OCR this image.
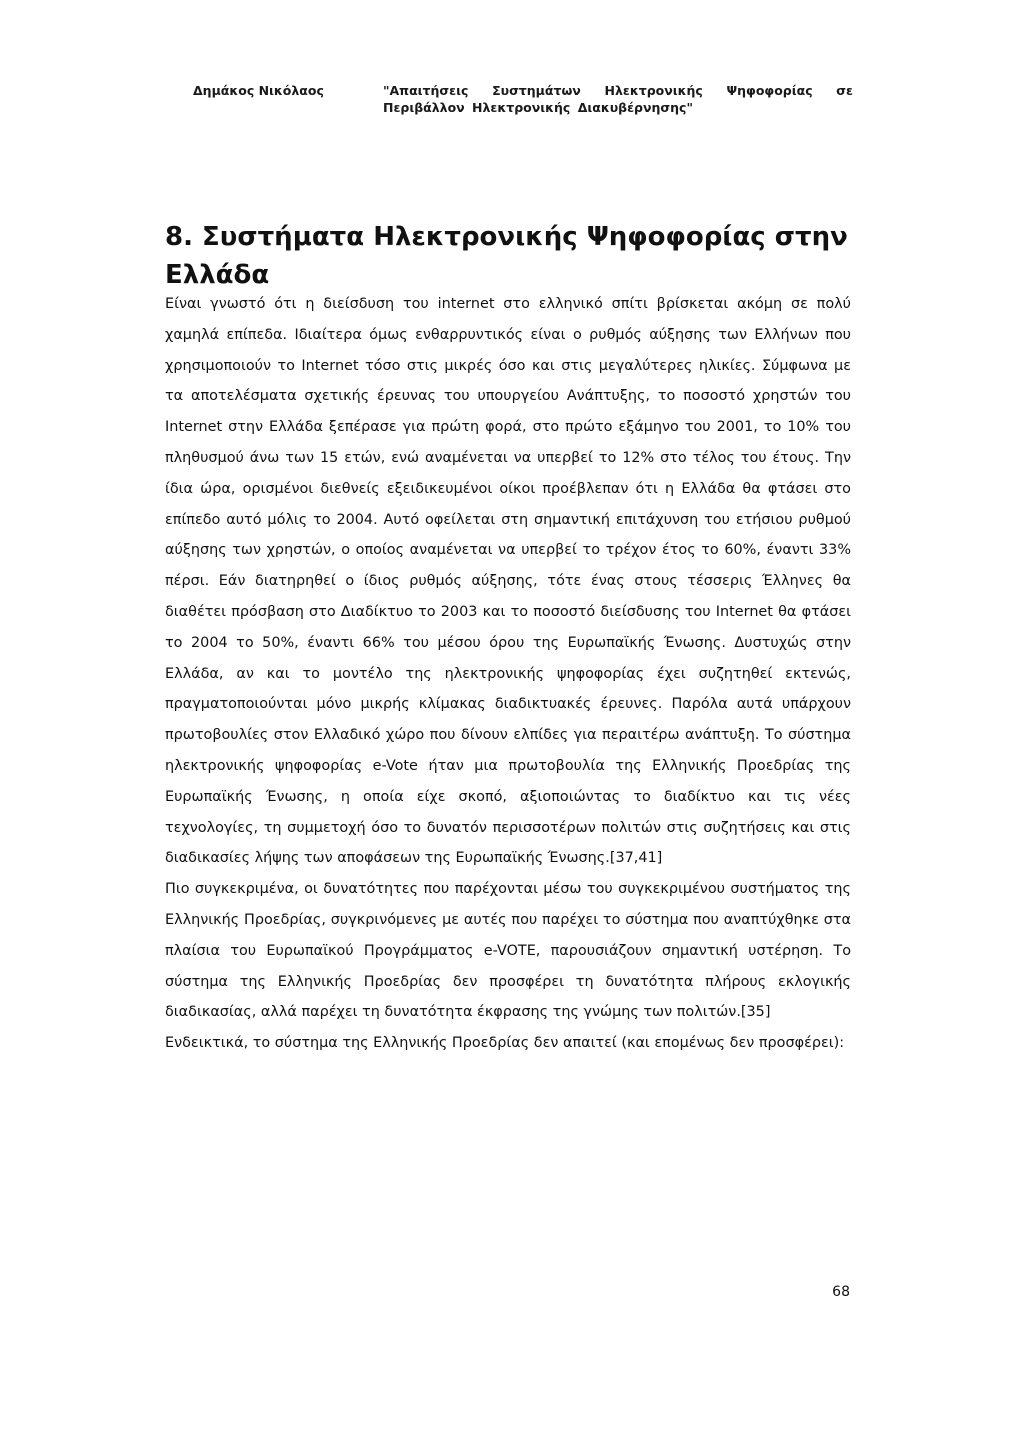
Δημάκος Νικόλαος	"Απαιτήσεις Συστημάτων Ηλεκτρονικής Ψηφοφορίας σε Περιβάλλον Ηλεκτρονικής Διακυβέρνησης"
8. Συστήματα Ηλεκτρονικής Ψηφοφορίας στην Ελλάδα

Είναι γνωστό ότι η διείσδυση του internet στο ελληνικό σπίτι βρίσκεται ακόμη σε πολύ χαμηλά επίπεδα. Ιδιαίτερα όμως ενθαρρυντικός είναι ο ρυθμός αύξησης των Ελλήνων που χρησιμοποιούν το Internet τόσο στις μικρές όσο και στις μεγαλύτερες ηλικίες. Σύμφωνα με τα αποτελέσματα σχετικής έρευνας του υπουργείου Ανάπτυξης, το ποσοστό χρηστών του Internet στην Ελλάδα ξεπέρασε για πρώτη φορά, στο πρώτο εξάμηνο του 2001, το 10% του πληθυσμού άνω των 15 ετών, ενώ αναμένεται να υπερβεί το 12% στο τέλος του έτους. Την ίδια ώρα, ορισμένοι διεθνείς εξειδικευμένοι οίκοι προέβλεπαν ότι η Ελλάδα θα φτάσει στο επίπεδο αυτό μόλις το 2004. Αυτό οφείλεται στη σημαντική επιτάχυνση του ετήσιου ρυθμού αύξησης των χρηστών, ο οποίος αναμένεται να υπερβεί το τρέχον έτος το 60%, έναντι 33% πέρσι. Εάν διατηρηθεί ο ίδιος ρυθμός αύξησης, τότε ένας στους τέσσερις Έλληνες θα διαθέτει πρόσβαση στο Διαδίκτυο το 2003 και το ποσοστό διείσδυσης του Internet θα φτάσει το 2004 το 50%, έναντι 66% του μέσου όρου της Ευρωπαϊκής Ένωσης. Δυστυχώς στην Ελλάδα, αν και το μοντέλο της ηλεκτρονικής ψηφοφορίας έχει συζητηθεί εκτενώς, πραγματοποιούνται μόνο μικρής κλίμακας διαδικτυακές έρευνες. Παρόλα αυτά υπάρχουν πρωτοβουλίες στον Ελλαδικό χώρο που δίνουν ελπίδες για περαιτέρω ανάπτυξη. Το σύστημα ηλεκτρονικής ψηφοφορίας e-Vote ήταν μια πρωτοβουλία της Ελληνικής Προεδρίας της Ευρωπαϊκής Ένωσης, η οποία είχε σκοπό, αξιοποιώντας το διαδίκτυο και τις νέες τεχνολογίες, τη συμμετοχή όσο το δυνατόν περισσοτέρων πολιτών στις συζητήσεις και στις διαδικασίες λήψης των αποφάσεων της Ευρωπαϊκής Ένωσης.[37,41]

Πιο συγκεκριμένα, οι δυνατότητες που παρέχονται μέσω του συγκεκριμένου συστήματος της Ελληνικής Προεδρίας, συγκρινόμενες με αυτές που παρέχει το σύστημα που αναπτύχθηκε στα πλαίσια του Ευρωπαϊκού Προγράμματος e-VOTE, παρουσιάζουν σημαντική υστέρηση. Το σύστημα της Ελληνικής Προεδρίας δεν προσφέρει τη δυνατότητα πλήρους εκλογικής διαδικασίας, αλλά παρέχει τη δυνατότητα έκφρασης της γνώμης των πολιτών.[35]

Ενδεικτικά, το σύστημα της Ελληνικής Προεδρίας δεν απαιτεί (και επομένως δεν προσφέρει):

68
